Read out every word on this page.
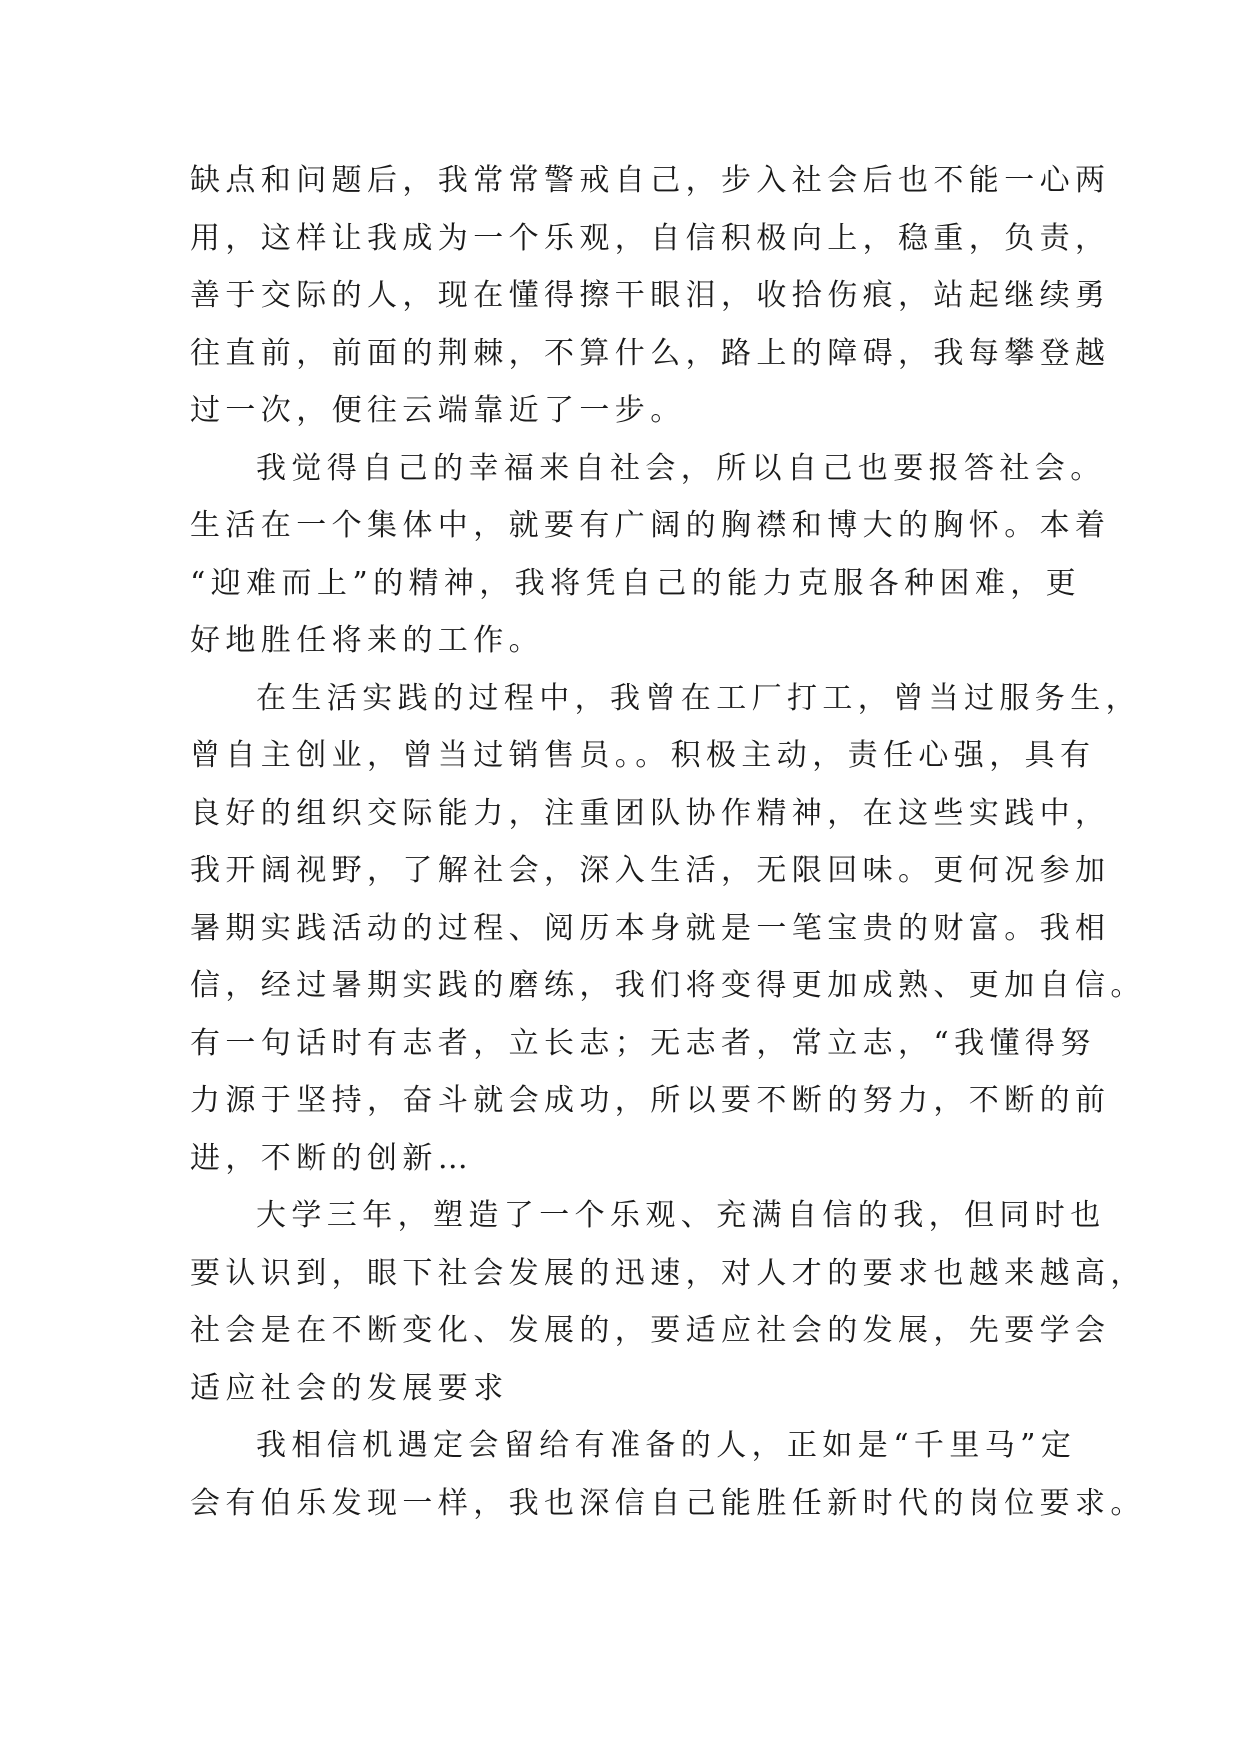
缺点和问题后，我常常警戒自己，步入社会后也不能一心两
用，这样让我成为一个乐观，自信积极向上，稳重，负责，
善于交际的人，现在懂得擦干眼泪，收拾伤痕，站起继续勇
往直前，前面的荆棘，不算什么，路上的障碍，我每攀登越
过一次，便往云端靠近了一步。
我觉得自己的幸福来自社会，所以自己也要报答社会。
生活在一个集体中，就要有广阔的胸襟和博大的胸怀。本着
“迎难而上”的精神，我将凭自己的能力克服各种困难，更
好地胜任将来的工作。
在生活实践的过程中，我曾在工厂打工，曾当过服务生，
曾自主创业，曾当过销售员。。积极主动，责任心强，具有
良好的组织交际能力，注重团队协作精神，在这些实践中，
我开阔视野，了解社会，深入生活，无限回味。更何况参加
暑期实践活动的过程、阅历本身就是一笔宝贵的财富。我相
信，经过暑期实践的磨练，我们将变得更加成熟、更加自信。
有一句话时有志者，立长志；无志者，常立志，“我懂得努
力源于坚持，奋斗就会成功，所以要不断的努力，不断的前
进，不断的创新…
大学三年，塑造了一个乐观、充满自信的我，但同时也
要认识到，眼下社会发展的迅速，对人才的要求也越来越高，
社会是在不断变化、发展的，要适应社会的发展，先要学会
适应社会的发展要求
我相信机遇定会留给有准备的人，正如是“千里马”定
会有伯乐发现一样，我也深信自己能胜任新时代的岗位要求。
